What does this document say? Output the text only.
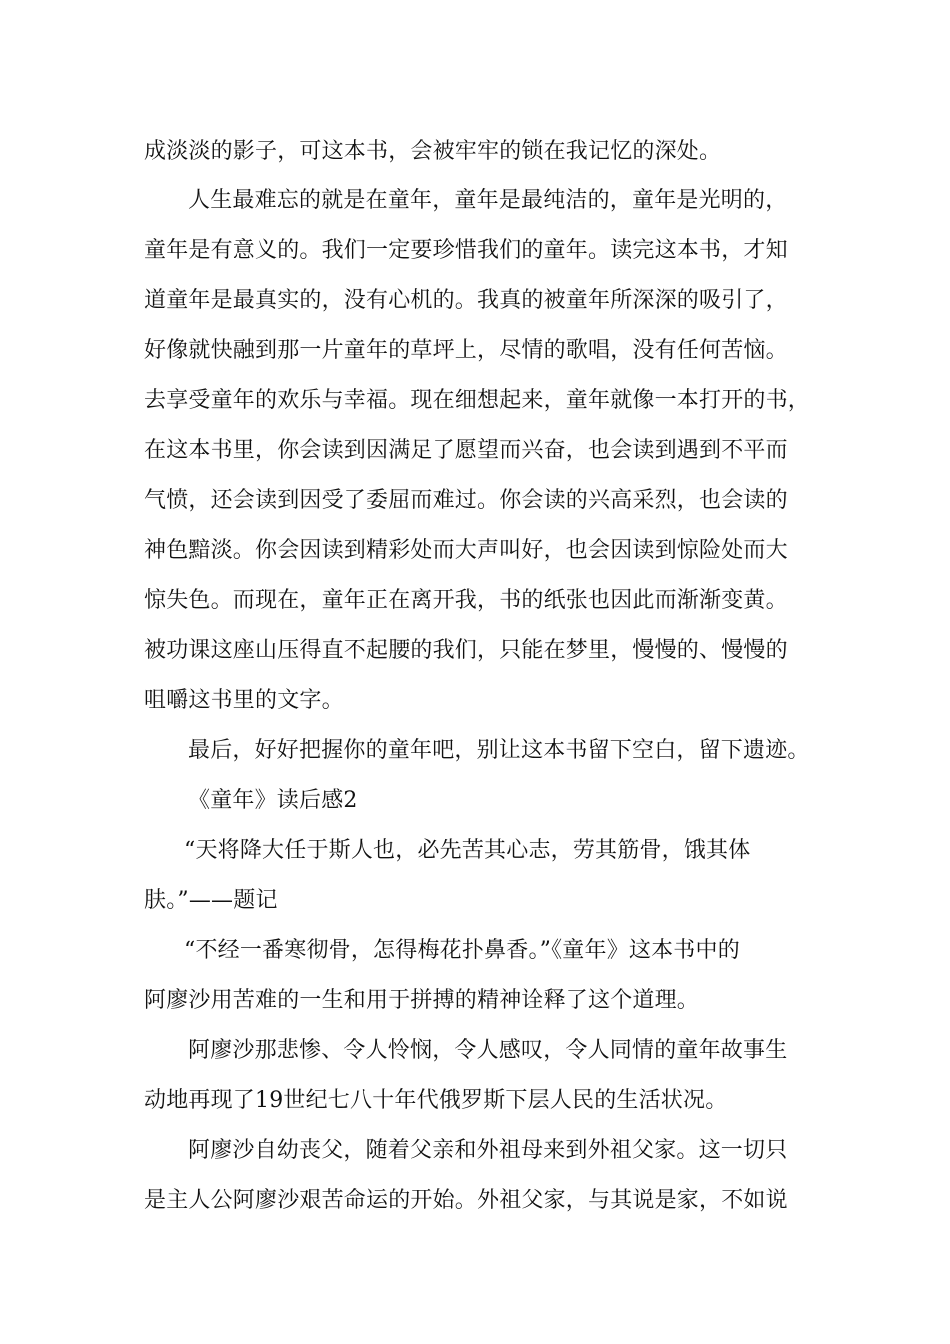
成淡淡的影子，可这本书，会被牢牢的锁在我记忆的深处。
人生最难忘的就是在童年，童年是最纯洁的，童年是光明的，
童年是有意义的。我们一定要珍惜我们的童年。读完这本书，才知
道童年是最真实的，没有心机的。我真的被童年所深深的吸引了，
好像就快融到那一片童年的草坪上，尽情的歌唱，没有任何苦恼。
去享受童年的欢乐与幸福。现在细想起来，童年就像一本打开的书，
在这本书里，你会读到因满足了愿望而兴奋，也会读到遇到不平而
气愤，还会读到因受了委屈而难过。你会读的兴高采烈，也会读的
神色黯淡。你会因读到精彩处而大声叫好，也会因读到惊险处而大
惊失色。而现在，童年正在离开我，书的纸张也因此而渐渐变黄。
被功课这座山压得直不起腰的我们，只能在梦里，慢慢的、慢慢的
咀嚼这书里的文字。
最后，好好把握你的童年吧，别让这本书留下空白，留下遗迹。
《童年》读后感2
“天将降大任于斯人也，必先苦其心志，劳其筋骨，饿其体
肤。”——题记
“不经一番寒彻骨，怎得梅花扑鼻香。”《童年》这本书中的
阿廖沙用苦难的一生和用于拼搏的精神诠释了这个道理。
阿廖沙那悲惨、令人怜悯，令人感叹，令人同情的童年故事生
动地再现了19世纪七八十年代俄罗斯下层人民的生活状况。
阿廖沙自幼丧父，随着父亲和外祖母来到外祖父家。这一切只
是主人公阿廖沙艰苦命运的开始。外祖父家，与其说是家，不如说
